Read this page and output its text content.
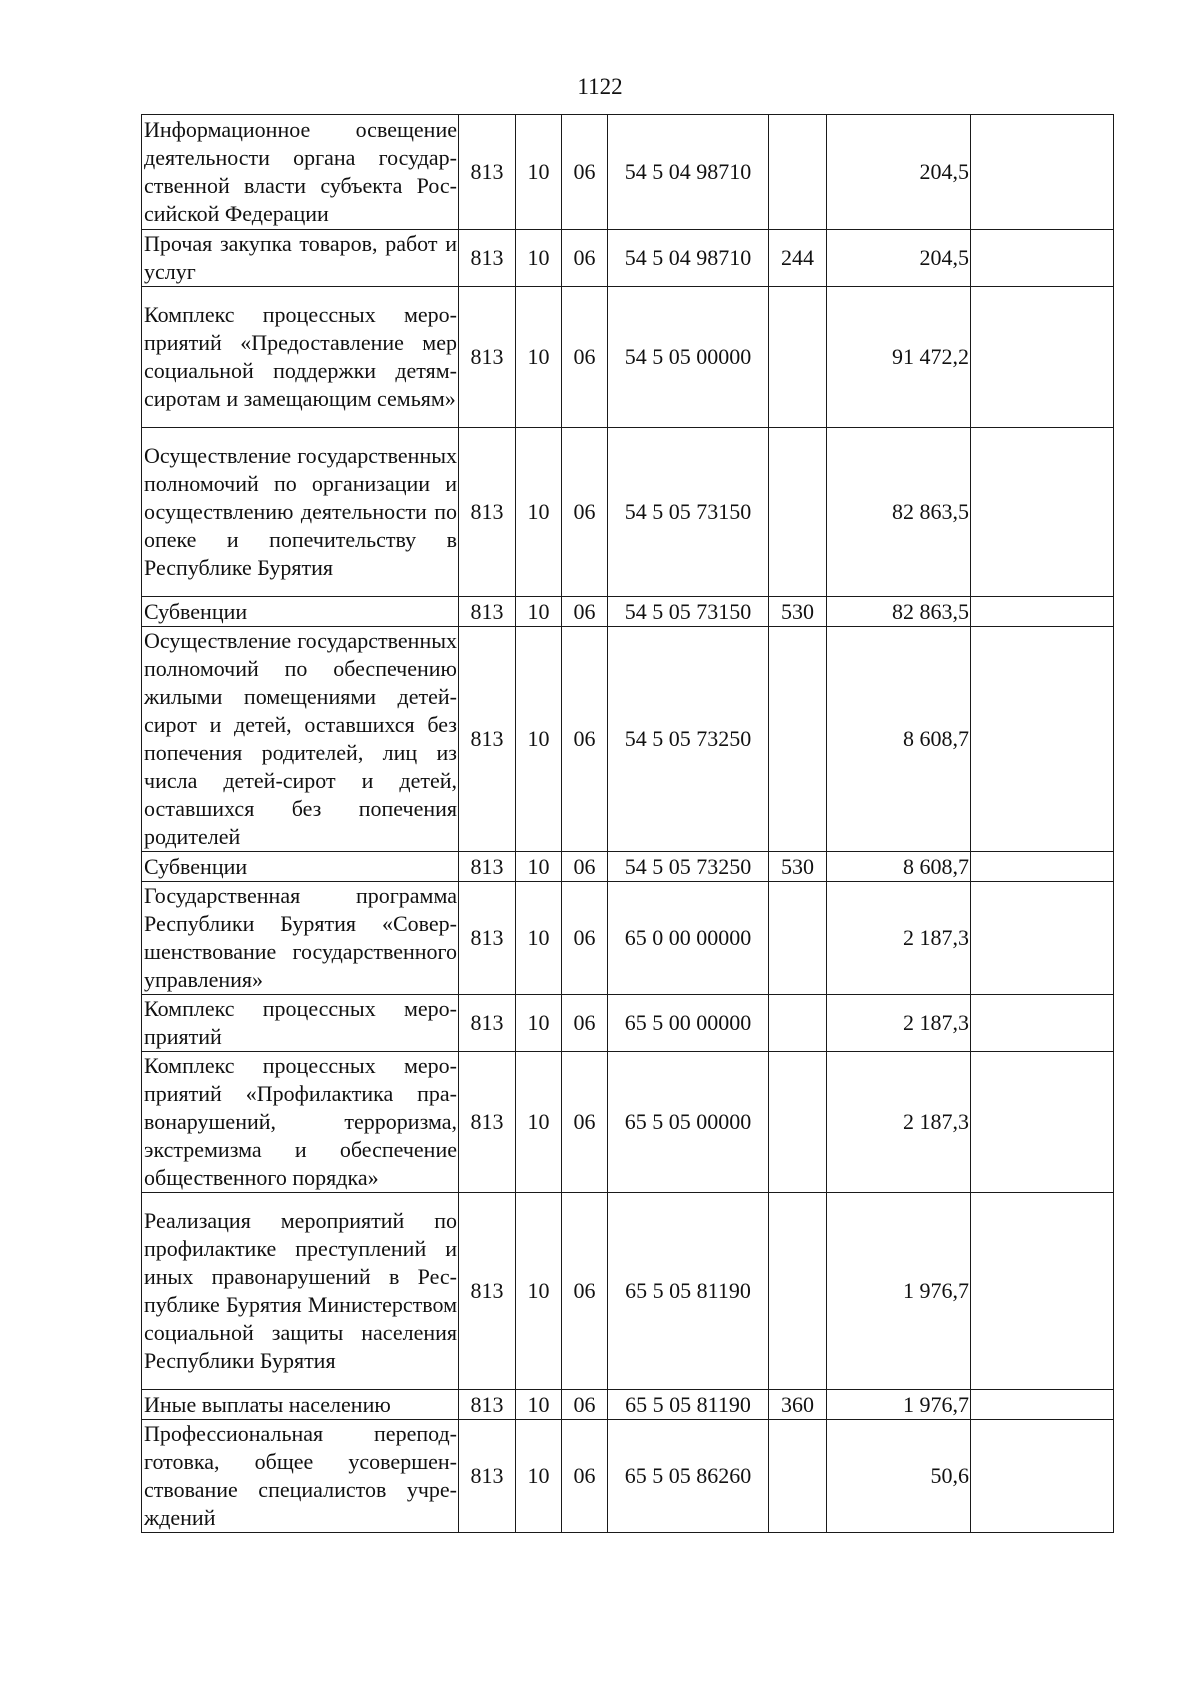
1122
Информационное освещение деятельности органа государственной власти субъекта Российской Федерации	813	10	06	54 5 04 98710		204,5	
Прочая закупка товаров, работ и услуг	813	10	06	54 5 04 98710	244	204,5	
Комплекс процессных мероприятий «Предоставление мер социальной поддержки детям-сиротам и замещающим семьям»	813	10	06	54 5 05 00000		91 472,2	
Осуществление государственных полномочий по организации и осуществлению деятельности по опеке и попечительству в Республике Бурятия	813	10	06	54 5 05 73150		82 863,5	
Субвенции	813	10	06	54 5 05 73150	530	82 863,5	
Осуществление государственных полномочий по обеспечению жилыми помещениями детей-сирот и детей, оставшихся без попечения родителей, лиц из числа детей-сирот и детей, оставшихся без попечения родителей	813	10	06	54 5 05 73250		8 608,7	
Субвенции	813	10	06	54 5 05 73250	530	8 608,7	
Государственная программа Республики Бурятия «Совершенствование государственного управления»	813	10	06	65 0 00 00000		2 187,3	
Комплекс процессных мероприятий	813	10	06	65 5 00 00000		2 187,3	
Комплекс процессных мероприятий «Профилактика правонарушений, терроризма, экстремизма и обеспечение общественного порядка»	813	10	06	65 5 05 00000		2 187,3	
Реализация мероприятий по профилактике преступлений и иных правонарушений в Республике Бурятия Министерством социальной защиты населения Республики Бурятия	813	10	06	65 5 05 81190		1 976,7	
Иные выплаты населению	813	10	06	65 5 05 81190	360	1 976,7	
Профессиональная переподготовка, общее усовершенствование специалистов учреждений	813	10	06	65 5 05 86260		50,6	
